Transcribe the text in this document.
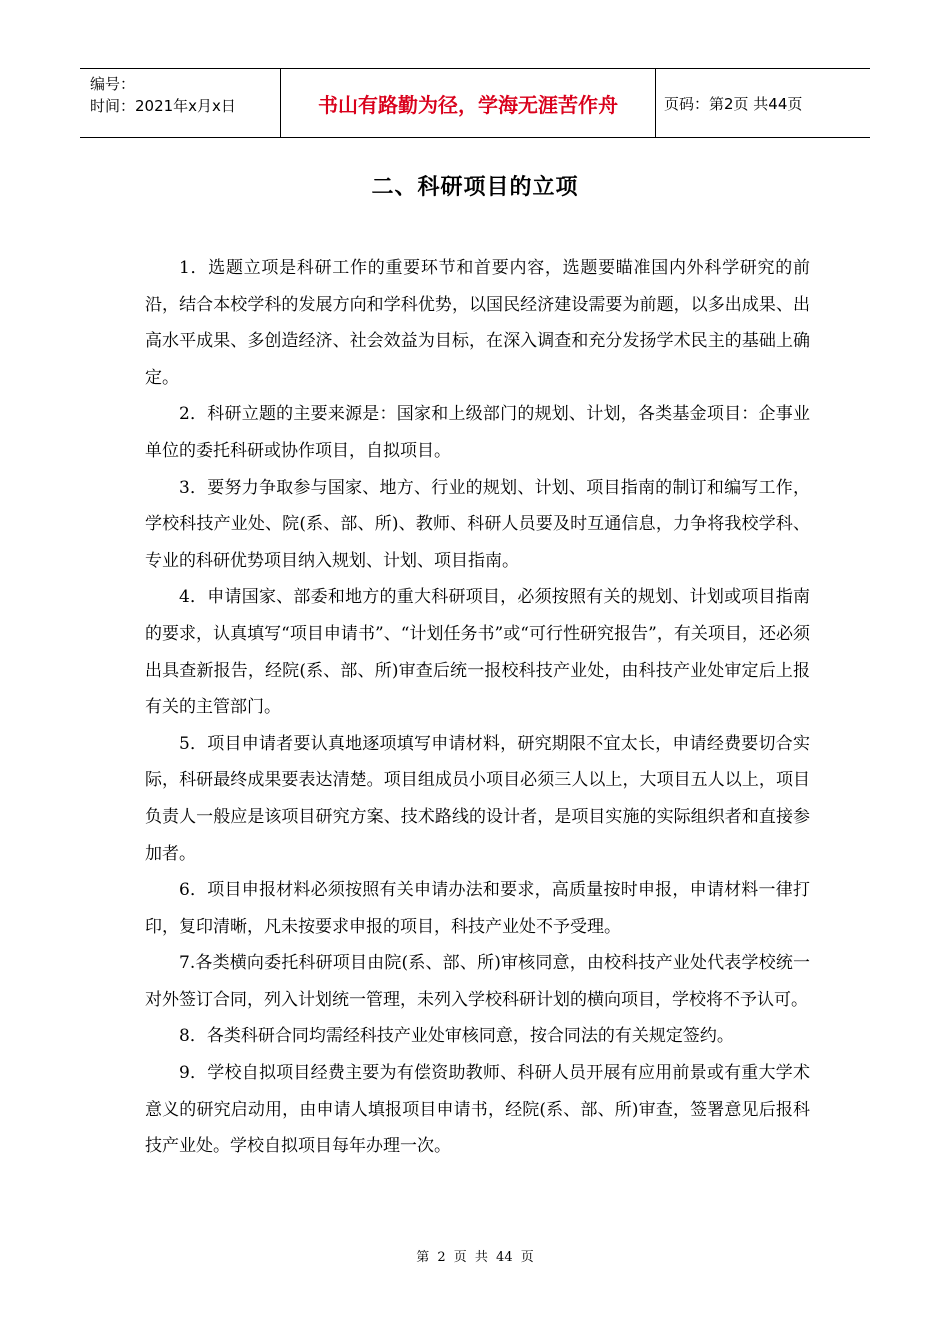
编号：
时间：2021年x月x日	书山有路勤为径，学海无涯苦作舟	页码：第2页 共44页
二、科研项目的立项

1．选题立项是科研工作的重要环节和首要内容，选题要瞄准国内外科学研究的前沿，结合本校学科的发展方向和学科优势，以国民经济建设需要为前题，以多出成果、出高水平成果、多创造经济、社会效益为目标，在深入调查和充分发扬学术民主的基础上确定。

2．科研立题的主要来源是：国家和上级部门的规划、计划，各类基金项目：企事业单位的委托科研或协作项目，自拟项目。

3．要努力争取参与国家、地方、行业的规划、计划、项目指南的制订和编写工作，学校科技产业处、院(系、部、所)、教师、科研人员要及时互通信息，力争将我校学科、专业的科研优势项目纳入规划、计划、项目指南。

4．申请国家、部委和地方的重大科研项目，必须按照有关的规划、计划或项目指南的要求，认真填写“项目申请书”、“计划任务书”或“可行性研究报告”，有关项目，还必须出具查新报告，经院(系、部、所)审查后统一报校科技产业处，由科技产业处审定后上报有关的主管部门。

5．项目申请者要认真地逐项填写申请材料，研究期限不宜太长，申请经费要切合实际，科研最终成果要表达清楚。项目组成员小项目必须三人以上，大项目五人以上，项目负责人一般应是该项目研究方案、技术路线的设计者，是项目实施的实际组织者和直接参加者。

6．项目申报材料必须按照有关申请办法和要求，高质量按时申报，申请材料一律打印，复印清晰，凡未按要求申报的项目，科技产业处不予受理。

7.各类横向委托科研项目由院(系、部、所)审核同意，由校科技产业处代表学校统一对外签订合同，列入计划统一管理，未列入学校科研计划的横向项目，学校将不予认可。

8．各类科研合同均需经科技产业处审核同意，按合同法的有关规定签约。

9．学校自拟项目经费主要为有偿资助教师、科研人员开展有应用前景或有重大学术意义的研究启动用，由申请人填报项目申请书，经院(系、部、所)审查，签署意见后报科技产业处。学校自拟项目每年办理一次。

第 2 页 共 44 页
